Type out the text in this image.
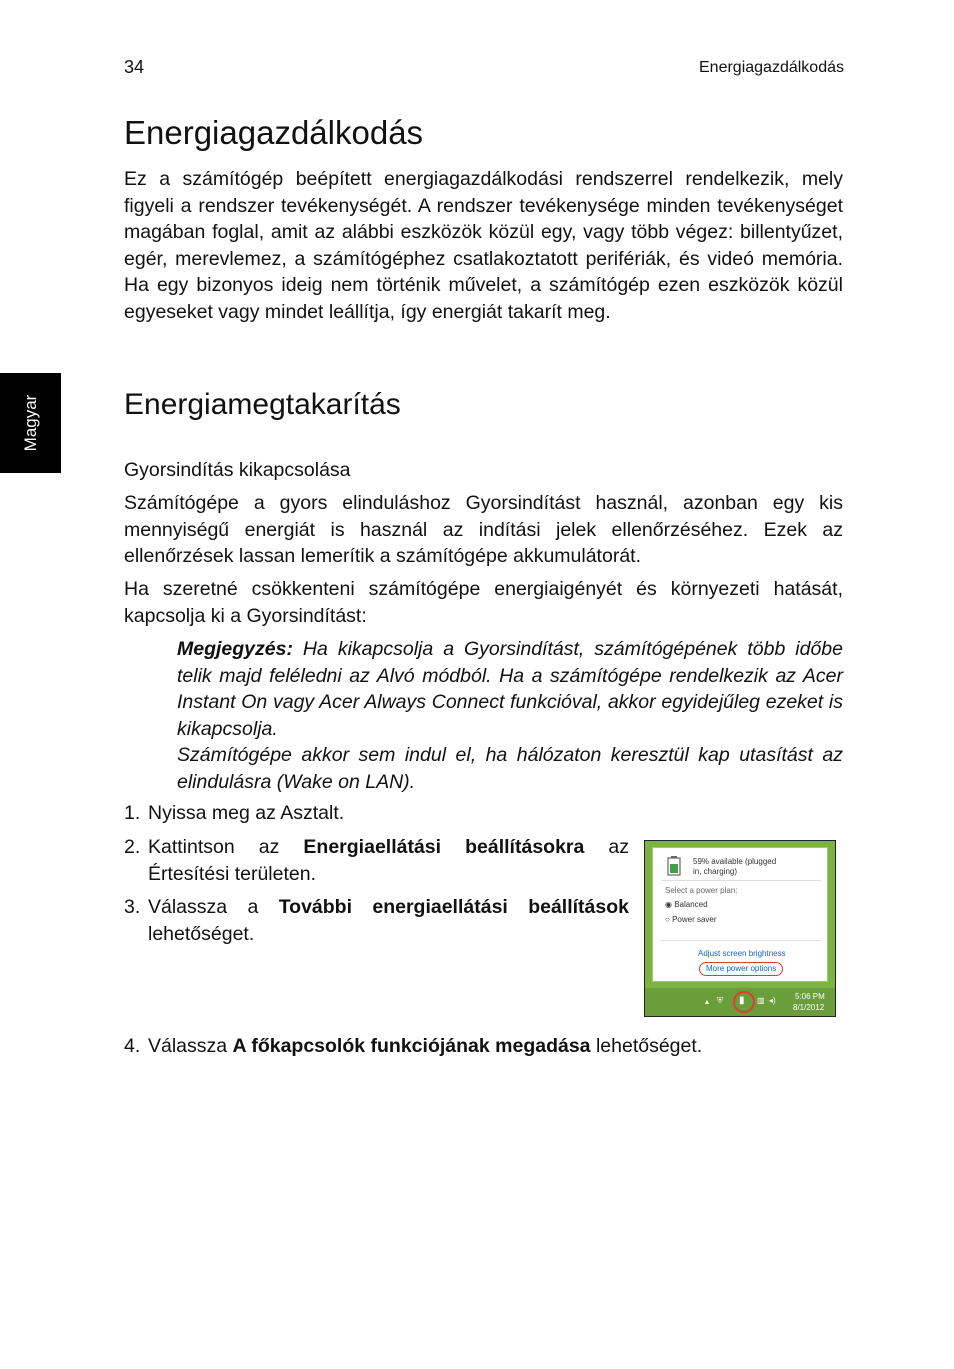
34	Energiagazdálkodás
Magyar
Energiagazdálkodás

Ez a számítógép beépített energiagazdálkodási rendszerrel rendelkezik, mely figyeli a rendszer tevékenységét. A rendszer tevékenysége minden tevékenységet magában foglal, amit az alábbi eszközök közül egy, vagy több végez: billentyűzet, egér, merevlemez, a számítógéphez csatlakoztatott perifériák, és videó memória. Ha egy bizonyos ideig nem történik művelet, a számítógép ezen eszközök közül egyeseket vagy mindet leállítja, így energiát takarít meg.

Energiamegtakarítás
Gyorsindítás kikapcsolása

Számítógépe a gyors elinduláshoz Gyorsindítást használ, azonban egy kis mennyiségű energiát is használ az indítási jelek ellenőrzéséhez. Ezek az ellenőrzések lassan lemerítik a számítógépe akkumulátorát.

Ha szeretné csökkenteni számítógépe energiaigényét és környezeti hatását, kapcsolja ki a Gyorsindítást:

Megjegyzés: Ha kikapcsolja a Gyorsindítást, számítógépének több időbe telik majd feléledni az Alvó módból. Ha a számítógépe rendelkezik az Acer Instant On vagy Acer Always Connect funkcióval, akkor egyidejűleg ezeket is kikapcsolja.
Számítógépe akkor sem indul el, ha hálózaton keresztül kap utasítást az elindulásra (Wake on LAN).
1. Nyissa meg az Asztalt.
2. Kattintson az Energiaellátási beállításokra az Értesítési területen.
3. Válassza a További energiaellátási beállítások lehetőséget.
59% available (plugged in, charging)
Select a power plan:
◉ Balanced
○ Power saver
Adjust screen brightness
More power options
▴ ⛨ ▮ ▥ ◂) 5:06 PM
8/1/2012
4. Válassza A főkapcsolók funkciójának megadása lehetőséget.
